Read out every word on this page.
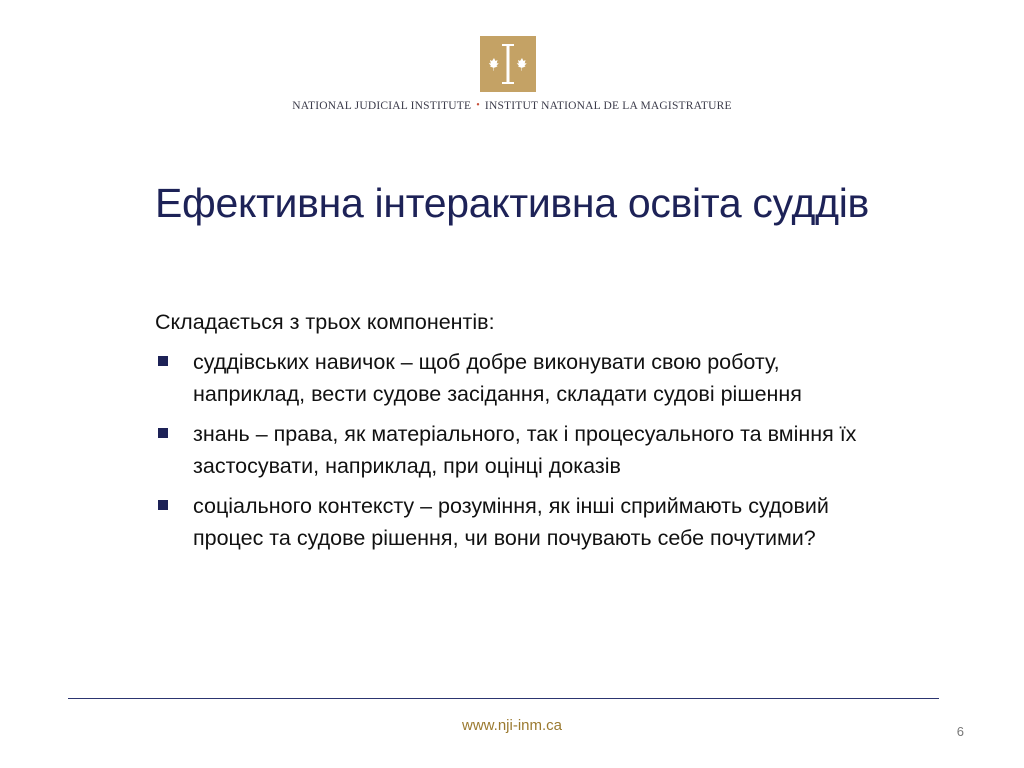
NATIONAL JUDICIAL INSTITUTE • INSTITUT NATIONAL DE LA MAGISTRATURE
Ефективна інтерактивна освіта суддів
Складається з трьох компонентів:
суддівських навичок – щоб добре виконувати свою роботу, наприклад, вести судове засідання, складати судові рішення
знань – права, як матеріального, так і процесуального та вміння їх застосувати, наприклад, при оцінці доказів
соціального контексту – розуміння, як інші сприймають судовий процес та судове рішення, чи вони почувають себе почутими?
www.nji-inm.ca	6
